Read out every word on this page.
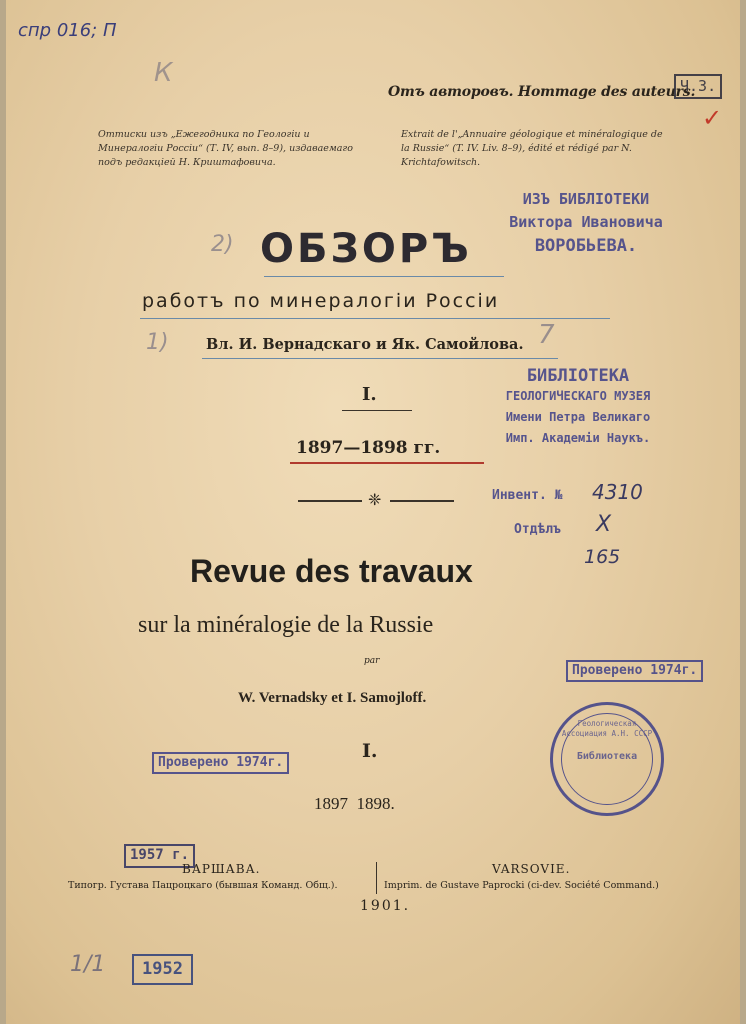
спр 016; П
К
2)
1)	7
1/1
✓
Отъ авторовъ. Hommage des auteurs.
Ч.3.
Оттиски изъ „Ежегодника по Геологіи и Минералогіи Россіи“ (Т. IV, вып. 8–9), издаваемаго подъ редакціей Н. Криштафовича.
Extrait de l'„Annuaire géologique et minéralogique de la Russie“ (T. IV. Liv. 8–9), édité et rédigé par N. Krichtafowitsch.
ИЗЪ БИБЛІОТЕКИ
Виктора Ивановича
ВОРОБЬЕВА.
ОБЗОРЪ
работъ по минералогіи Россіи
Вл. И. Вернадскаго и Як. Самойлова.
I.
1897—1898 гг.
❈
БИБЛІОТЕКА
ГЕОЛОГИЧЕСКАГО МУЗЕЯ
Имени Петра Великаго
Имп. Академіи Наукъ.
Инвент. № 4310
Отдѣлъ X
165
Revue des travaux
sur la minéralogie de la Russie
par
W. Vernadsky et I. Samojloff.
I.
1897  1898.
Проверено 1974г.
Проверено 1974г.
Геологическая Ассоциация А.Н. СССР
Библиотека
1957 г.
ВАРШАВА.
Типогр. Густава Пацроцкаго (бывшая Команд. Общ.).
VARSOVIE.
Imprim. de Gustave Paprocki (ci-dev. Société Command.)
1901.
1952
